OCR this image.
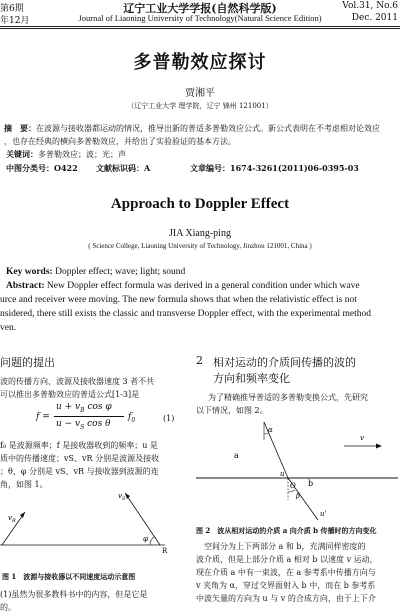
第6期
年12月
辽宁工业大学学报(自然科学版)
Journal of Liaoning University of Technology(Natural Science Edition)
Vol.31, No.6
Dec. 2011
多普勒效应探讨
贾湘平
（辽宁工业大学 理学院，辽宁 锦州 121001）
摘　要：在波源与接收器都运动的情况，推导出新的普适多普勒效应公式。新公式表明在不考虑相对论效应
，也存在经典的横向多普勒效应，并给出了实验验证的基本方法。
关键词：多普勒效应；波；光；声
中图分类号：O422 文献标识码：A	文章编号：1674-3261(2011)06-0395-03
Approach to Doppler Effect
JIA Xiang-ping
( Science College, Liaoning University of Technology, Jinzhou 121001, China )
Key words: Doppler effect; wave; light; sound
Abstract: New Doppler effect formula was derived in a general condition under which wave
urce and receiver were moving. The new formula shows that when the relativistic effect is not
nsidered, there still exists the classic and transverse Doppler effect, with the experimental method
ven.
问题的提出
波的传播方向、波源及接收器速度 3 者不共
可以推出多普勒效应的普适公式[1-3]是
f =
$u + v_B$ cos φ
$u - v_S$ cos θ
$f_0$	(1)
f₀ 是波源频率；f 是接收器收到的频率；u 是
质中的传播速度；vS、vR 分别是波源及接收
；θ、φ 分别是 vS、vR 与接收器到波源的连
角，如图 1。
$v_R$
$v_S$
φ
R
图 1　波源与接收器以不同速度运动示意图
(1)虽然为很多教科书中的内容，但是它是
的。
2 相对运动的介质间传播的波的
方向和频率变化
为了精确推导普适的多普勒变换公式，先研究
以下情况，如图 2。
α
a
u
O b
β
v
u'
图 2　波从相对运动的介质 a 向介质 b 传播时的方向变化
　空间分为上下两部分 a 和 b，充满同样密度的
波介质，但是上部分介质 a 相对 b 以速度 v 运动，
现在介质 a 中有一束波，在 a 参考系中传播方向与
v 夹角为 α，穿过交界面射入 b 中，而在 b 参考系
中波矢量的方向为 u 与 v 的合成方向，由于上下介
